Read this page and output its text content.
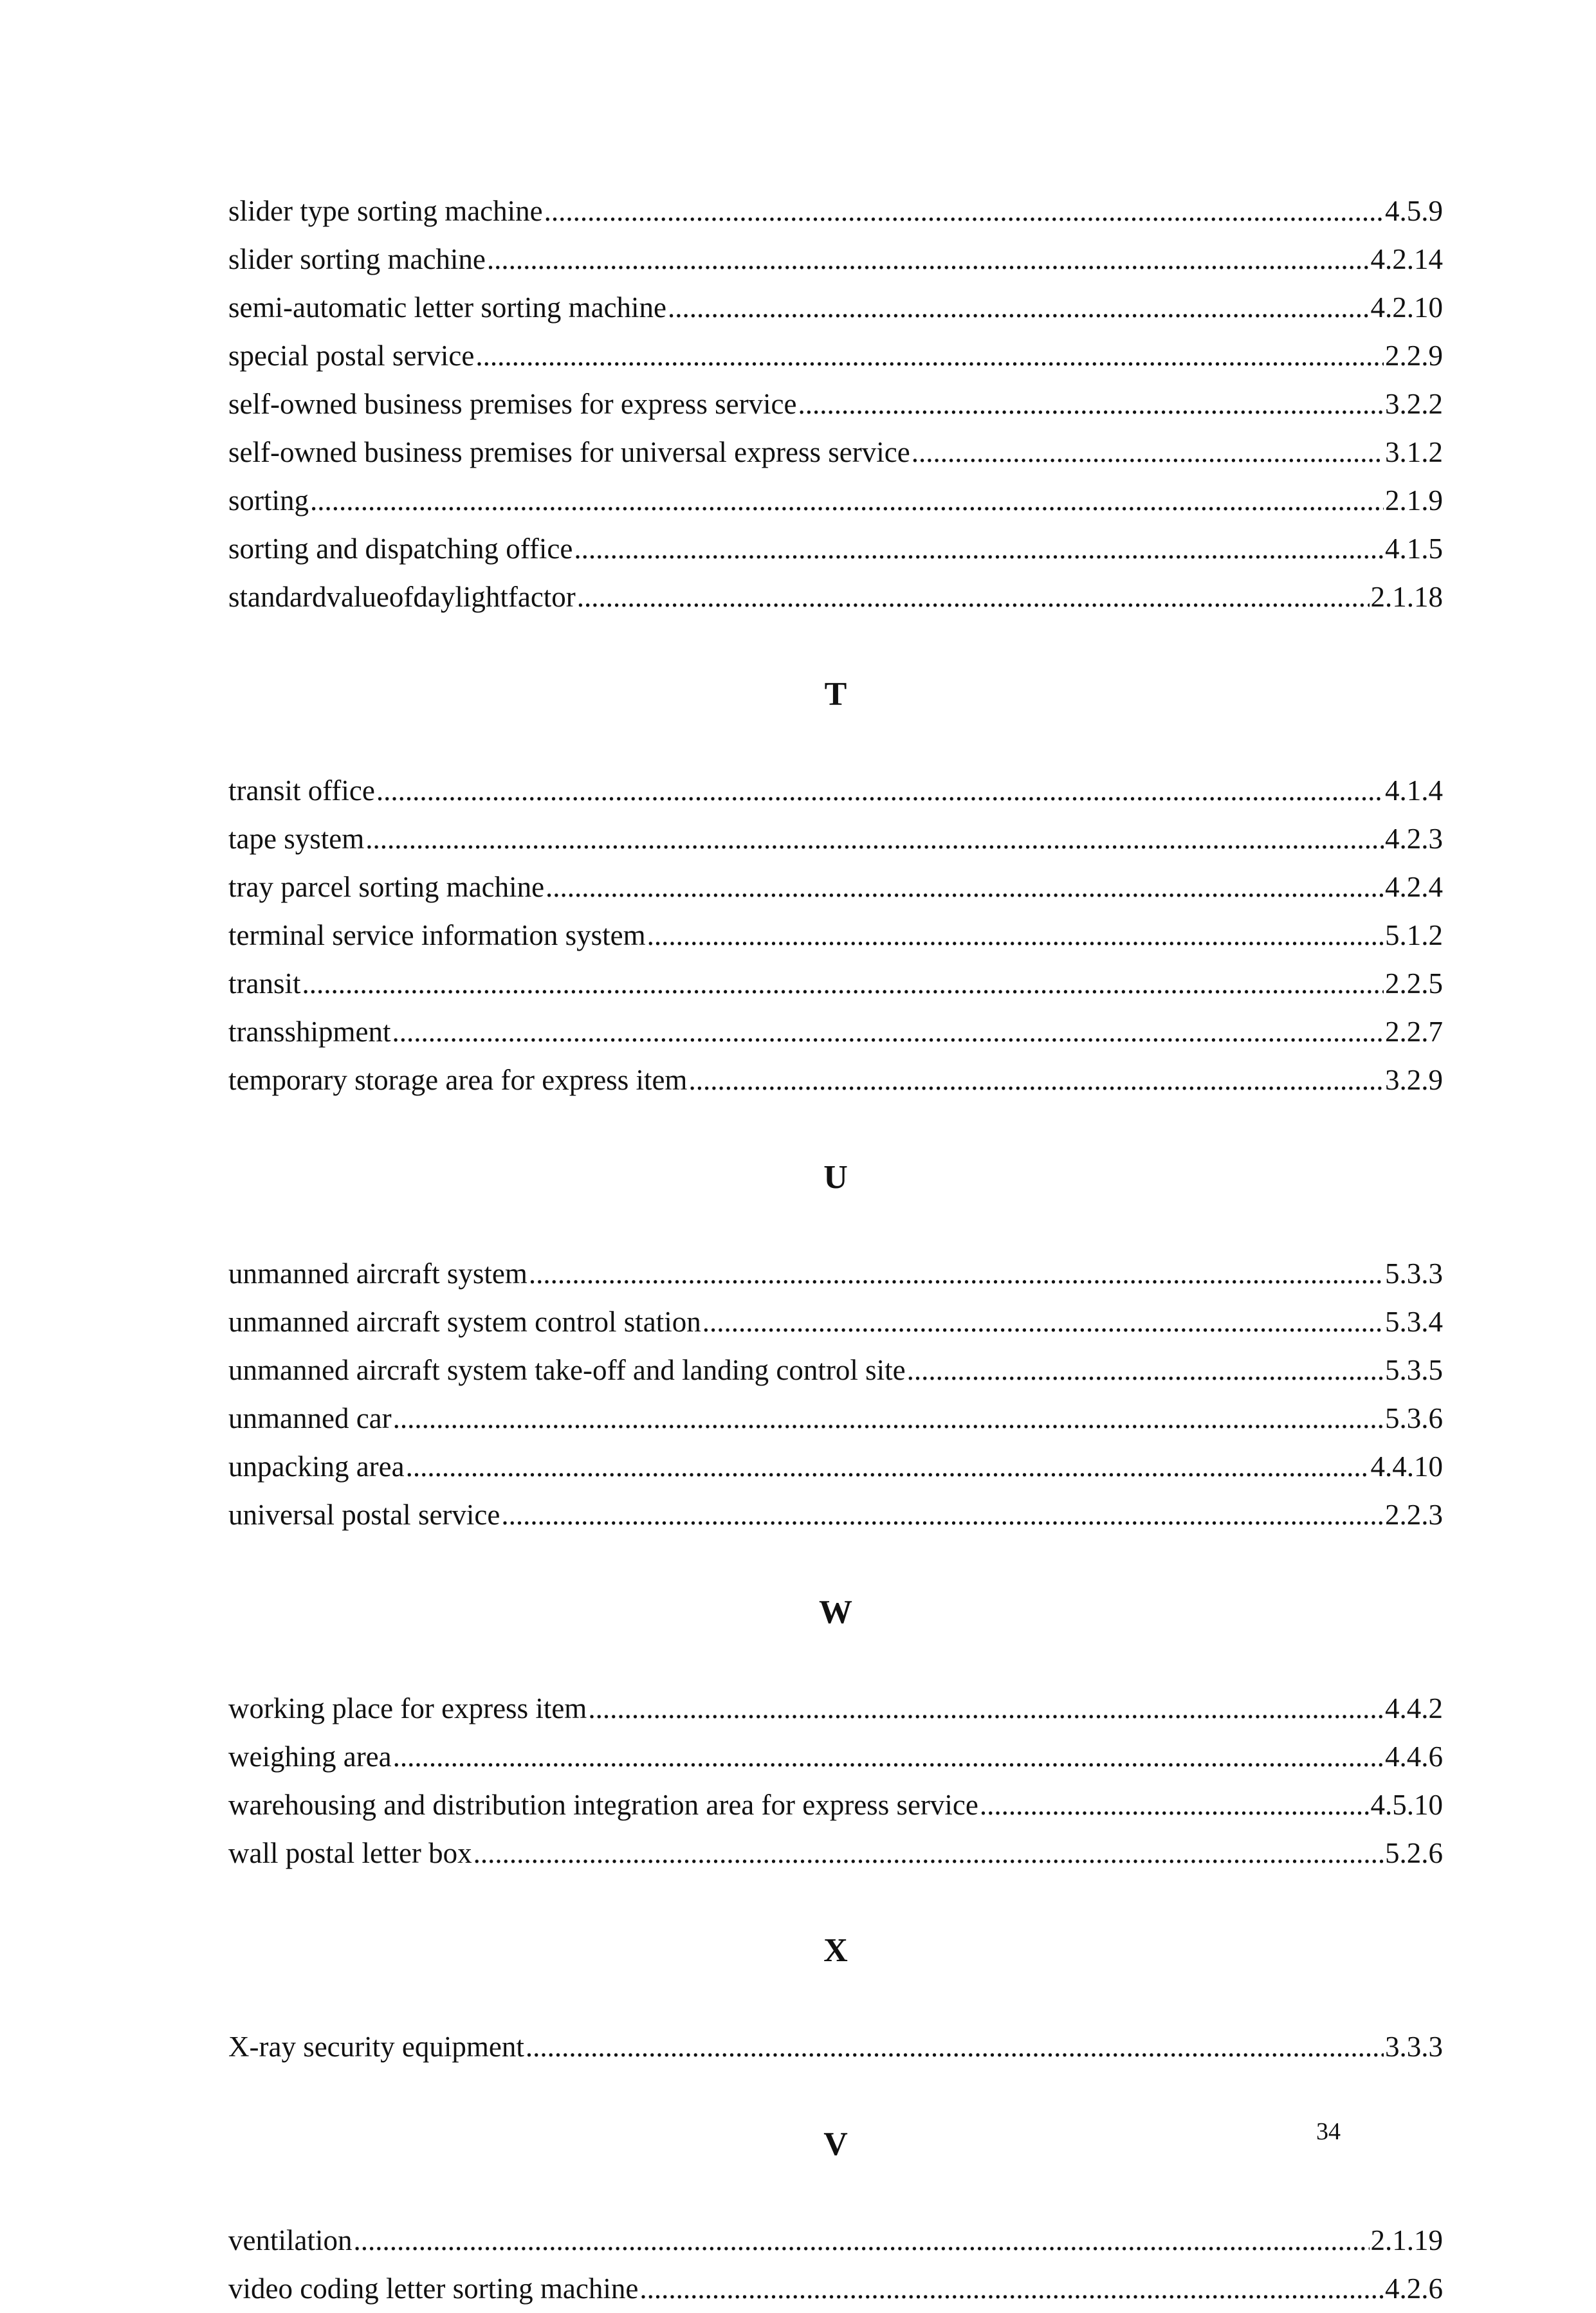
slider type sorting machine .....	4.5.9
slider sorting machine .....	4.2.14
semi-automatic letter sorting machine .....	4.2.10
special postal service .....	2.2.9
self-owned business premises for express service .....	3.2.2
self-owned business premises for universal express service .....	3.1.2
sorting .....	2.1.9
sorting and dispatching office .....	4.1.5
standardvalueofdaylightfactor .....	2.1.18
T
transit office .....	4.1.4
tape system .....	4.2.3
tray parcel sorting machine .....	4.2.4
terminal service information system .....	5.1.2
transit .....	2.2.5
transshipment .....	2.2.7
temporary storage area for express item .....	3.2.9
U
unmanned aircraft system .....	5.3.3
unmanned aircraft system control station .....	5.3.4
unmanned aircraft system take-off and landing control site .....	5.3.5
unmanned car .....	5.3.6
unpacking area .....	4.4.10
universal postal service .....	2.2.3
W
working place for express item .....	4.4.2
weighing area .....	4.4.6
warehousing and distribution integration area for express service .....	4.5.10
wall postal letter box .....	5.2.6
X
X-ray security equipment .....	3.3.3
V
ventilation .....	2.1.19
video coding letter sorting machine .....	4.2.6
34
